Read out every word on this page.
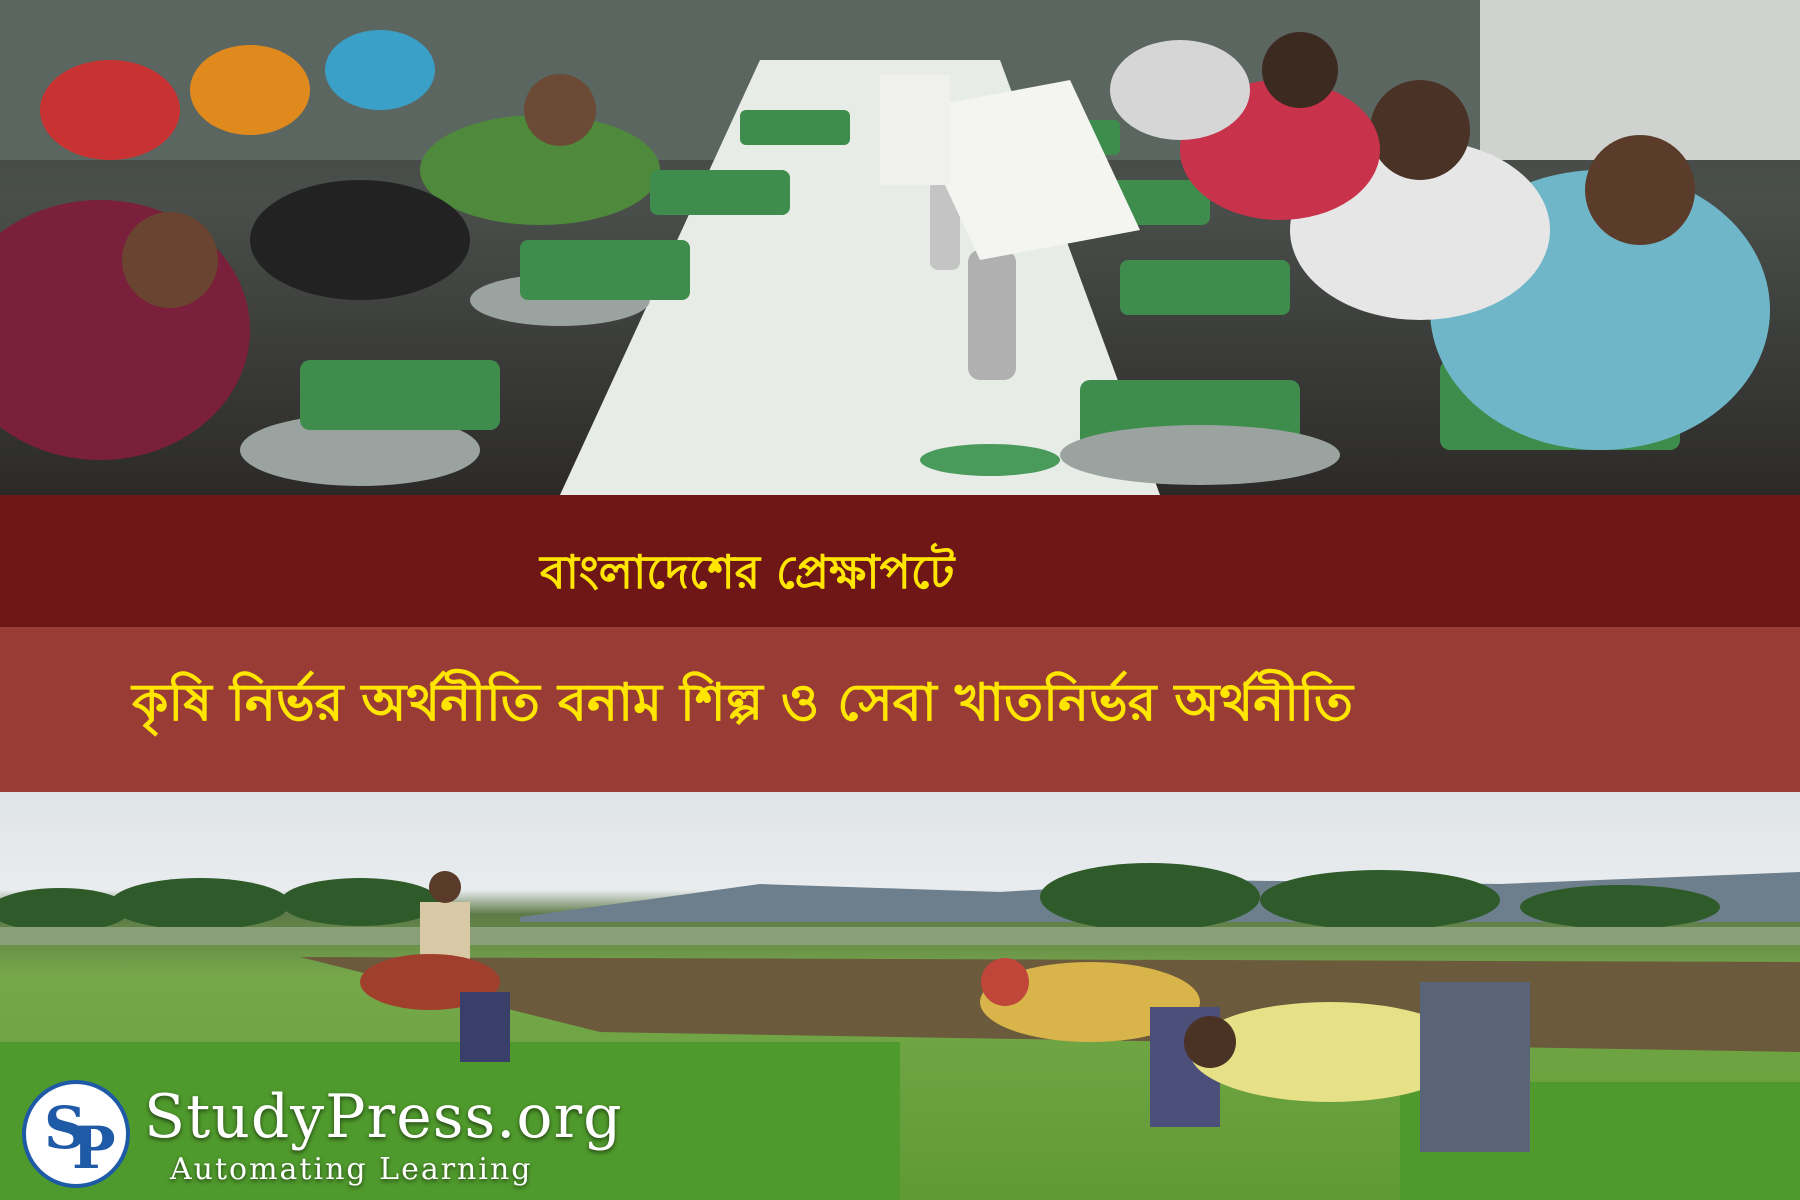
বাংলাদেশের প্রেক্ষাপটে
কৃষি নির্ভর অর্থনীতি বনাম শিল্প ও সেবা খাতনির্ভর অর্থনীতি
S
P StudyPress.org
Automating Learning
